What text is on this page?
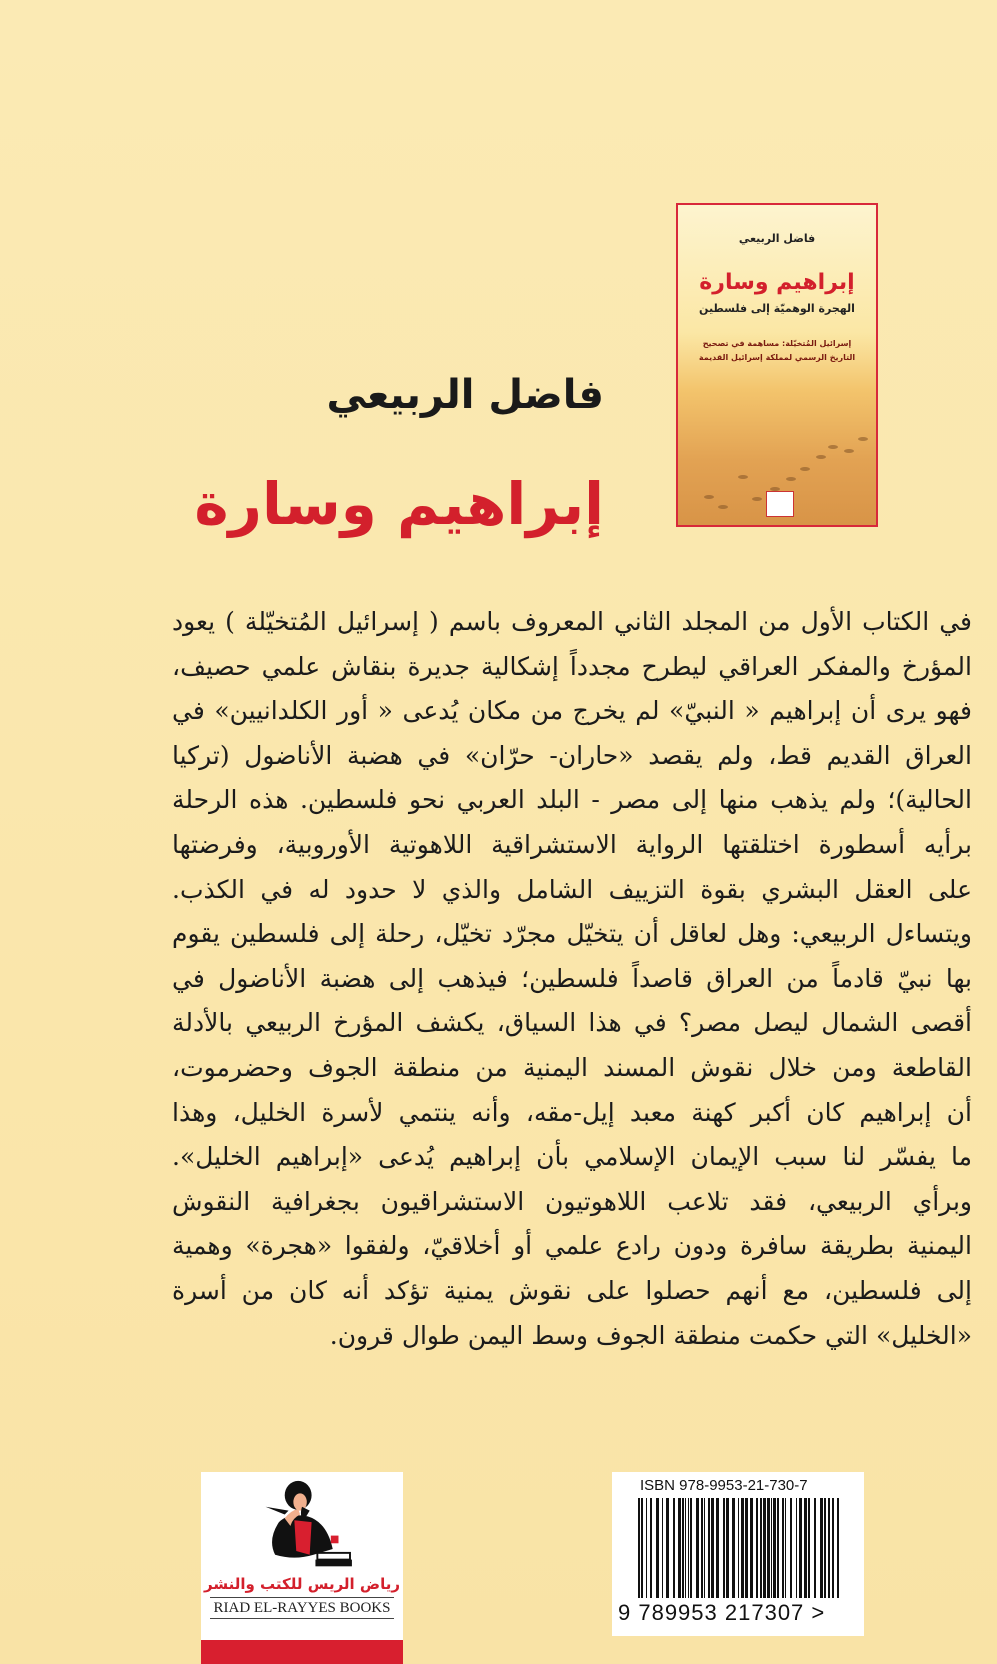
فاضل الربيعي
إبراهيم وسارة
الهجرة الوهميّة إلى فلسطين
إسرائيل المُتخيّلة: مساهمة في تصحيح
التاريخ الرسمي لمملكة إسرائيل القديمة
فاضل الربيعي
إبراهيم وسارة
في الكتاب الأول من المجلد الثاني المعروف باسم ( إسرائيل المُتخيّلة ) يعود
المؤرخ والمفكر العراقي ليطرح مجدداً إشكالية جديرة بنقاش علمي حصيف،
فهو يرى أن إبراهيم « النبيّ» لم يخرج من مكان يُدعى « أور الكلدانيين» في
العراق القديم قط، ولم يقصد «حاران- حرّان» في هضبة الأناضول (تركيا
الحالية)؛ ولم يذهب منها إلى مصر - البلد العربي نحو فلسطين. هذه الرحلة
برأيه أسطورة اختلقتها الرواية الاستشراقية اللاهوتية الأوروبية، وفرضتها
على العقل البشري بقوة التزييف الشامل والذي لا حدود له في الكذب.
ويتساءل الربيعي: وهل لعاقل أن يتخيّل مجرّد تخيّل، رحلة إلى فلسطين يقوم
بها نبيّ قادماً من العراق قاصداً فلسطين؛ فيذهب إلى هضبة الأناضول في
أقصى الشمال ليصل مصر؟ في هذا السياق، يكشف المؤرخ الربيعي بالأدلة
القاطعة ومن خلال نقوش المسند اليمنية من منطقة الجوف وحضرموت،
أن إبراهيم كان أكبر كهنة معبد إيل-مقه، وأنه ينتمي لأسرة الخليل، وهذا
ما يفسّر لنا سبب الإيمان الإسلامي بأن إبراهيم يُدعى «إبراهيم الخليل».
وبرأي الربيعي، فقد تلاعب اللاهوتيون الاستشراقيون بجغرافية النقوش
اليمنية بطريقة سافرة ودون رادع علمي أو أخلاقيّ، ولفقوا «هجرة» وهمية
إلى فلسطين، مع أنهم حصلوا على نقوش يمنية تؤكد أنه كان من أسرة
«الخليل» التي حكمت منطقة الجوف وسط اليمن طوال قرون.
رياض الريس للكتب والنشر
RIAD EL-RAYYES BOOKS
ISBN 978-9953-21-730-7
9 789953 217307 >
